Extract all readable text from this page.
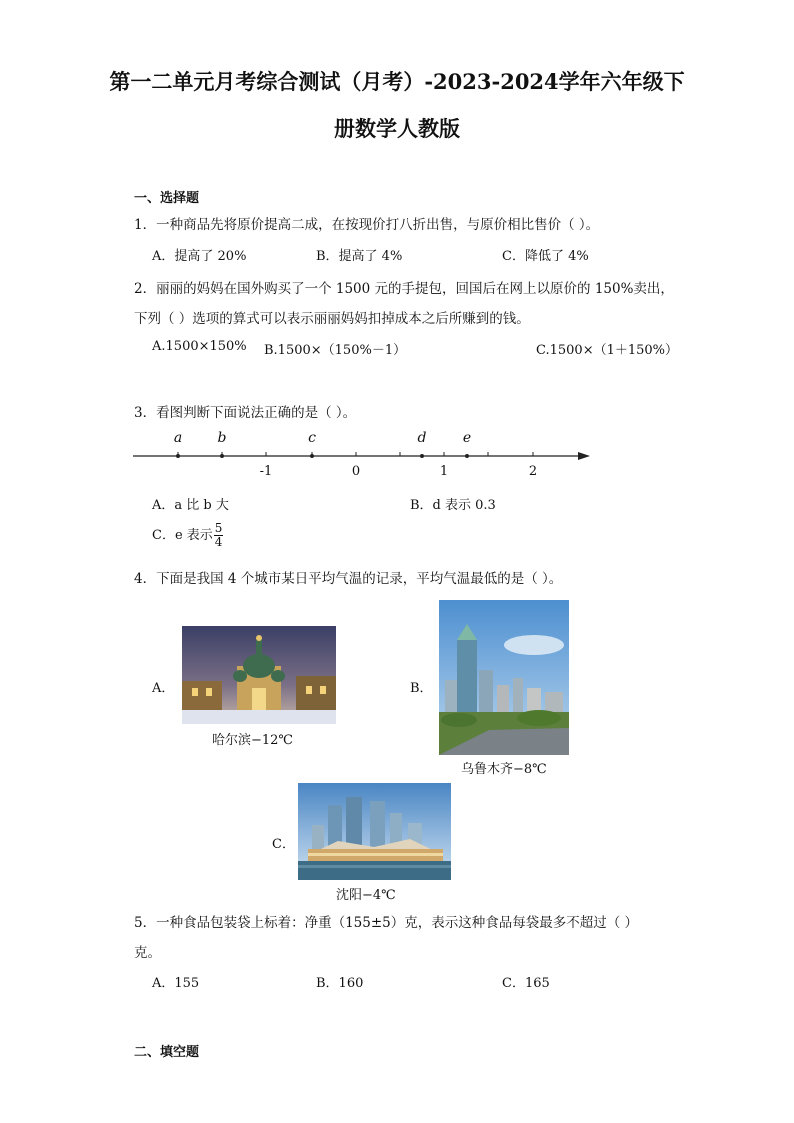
第一二单元月考综合测试（月考）-2023-2024学年六年级下
册数学人教版
一、选择题
1．一种商品先将原价提高二成，在按现价打八折出售，与原价相比售价（ ）。
A．提高了 20%	B．提高了 4%	C．降低了 4%
2．丽丽的妈妈在国外购买了一个 1500 元的手提包，回国后在网上以原价的 150%卖出，
下列（ ）选项的算式可以表示丽丽妈妈扣掉成本之后所赚到的钱。
A.1500×150% B.1500×（150%－1）	C.1500×（1＋150%）
3．看图判断下面说法正确的是（ ）。
a	b	c	d	e
-1	0	1	2
A．a 比 b 大	B．d 表示 0.3
C．e 表示 $\frac{5}{4}$
4．下面是我国 4 个城市某日平均气温的记录，平均气温最低的是（ ）。
A．
哈尔滨−12℃
B．
乌鲁木齐−8℃
C．
沈阳−4℃
5．一种食品包装袋上标着：净重（155±5）克，表示这种食品每袋最多不超过（ ）
克。
A．155	B．160	C．165
二、填空题
